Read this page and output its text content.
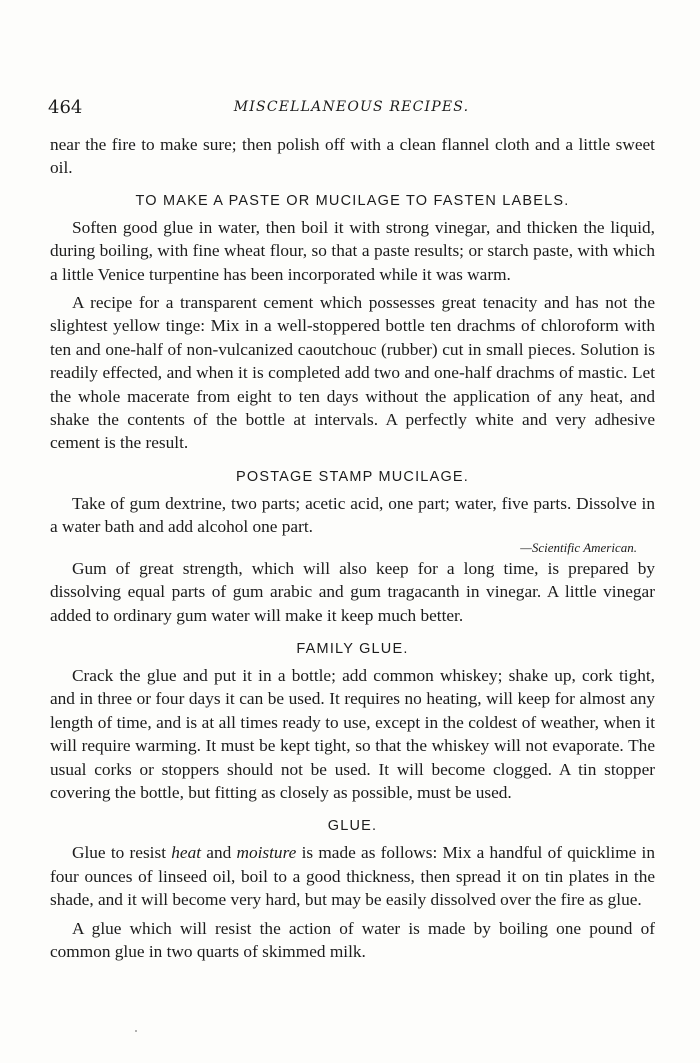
464	MISCELLANEOUS RECIPES.

near the fire to make sure; then polish off with a clean flannel cloth and a little sweet oil.

TO MAKE A PASTE OR MUCILAGE TO FASTEN LABELS.

Soften good glue in water, then boil it with strong vinegar, and thicken the liquid, during boiling, with fine wheat flour, so that a paste results; or starch paste, with which a little Venice turpentine has been incorporated while it was warm.

A recipe for a transparent cement which possesses great tenacity and has not the slightest yellow tinge: Mix in a well-stoppered bottle ten drachms of chloroform with ten and one-half of non-vulcanized caoutchouc (rubber) cut in small pieces. Solution is readily effected, and when it is completed add two and one-half drachms of mastic. Let the whole macerate from eight to ten days without the application of any heat, and shake the contents of the bottle at intervals. A perfectly white and very adhesive cement is the result.

POSTAGE STAMP MUCILAGE.

Take of gum dextrine, two parts; acetic acid, one part; water, five parts. Dissolve in a water bath and add alcohol one part.

—Scientific American.

Gum of great strength, which will also keep for a long time, is prepared by dissolving equal parts of gum arabic and gum tragacanth in vinegar. A little vinegar added to ordinary gum water will make it keep much better.

FAMILY GLUE.

Crack the glue and put it in a bottle; add common whiskey; shake up, cork tight, and in three or four days it can be used. It requires no heating, will keep for almost any length of time, and is at all times ready to use, except in the coldest of weather, when it will require warming. It must be kept tight, so that the whiskey will not evaporate. The usual corks or stoppers should not be used. It will become clogged. A tin stopper covering the bottle, but fitting as closely as possible, must be used.

GLUE.

Glue to resist heat and moisture is made as follows: Mix a handful of quicklime in four ounces of linseed oil, boil to a good thickness, then spread it on tin plates in the shade, and it will become very hard, but may be easily dissolved over the fire as glue.

A glue which will resist the action of water is made by boiling one pound of common glue in two quarts of skimmed milk.
